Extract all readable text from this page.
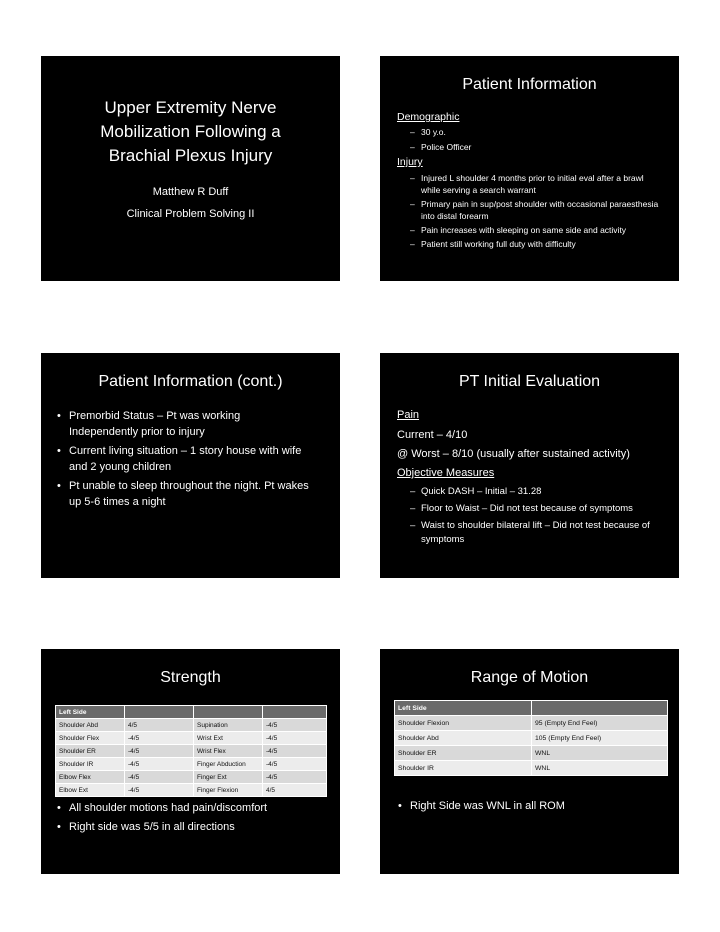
Upper Extremity Nerve
Mobilization Following a
Brachial Plexus Injury
Matthew R Duff
Clinical Problem Solving II
Patient Information
Demographic
– 30 y.o.
– Police Officer
Injury
– Injured L shoulder 4 months prior to initial eval after a brawl while serving a search warrant
– Primary pain in sup/post shoulder with occasional paraesthesia into distal forearm
– Pain increases with sleeping on same side and activity
– Patient still working full duty with difficulty
Patient Information (cont.)
• Premorbid Status – Pt was working Independently prior to injury
• Current living situation – 1 story house with wife and 2 young children
• Pt unable to sleep throughout the night. Pt wakes up 5-6 times a night
PT Initial Evaluation
Pain
Current – 4/10
@ Worst – 8/10 (usually after sustained activity)
Objective Measures
– Quick DASH – Initial – 31.28
– Floor to Waist – Did not test because of symptoms
– Waist to shoulder bilateral lift – Did not test because of symptoms
Strength
Left Side			
Shoulder Abd	4/5	Supination	-4/5
Shoulder Flex	-4/5	Wrist Ext	-4/5
Shoulder ER	-4/5	Wrist Flex	-4/5
Shoulder IR	-4/5	Finger Abduction	-4/5
Elbow Flex	-4/5	Finger Ext	-4/5
Elbow Ext	-4/5	Finger Flexion	4/5
• All shoulder motions had pain/discomfort
• Right side was 5/5 in all directions
Range of Motion
Left Side	
Shoulder Flexion	95 (Empty End Feel)
Shoulder Abd	105 (Empty End Feel)
Shoulder ER	WNL
Shoulder IR	WNL
• Right Side was WNL in all ROM
